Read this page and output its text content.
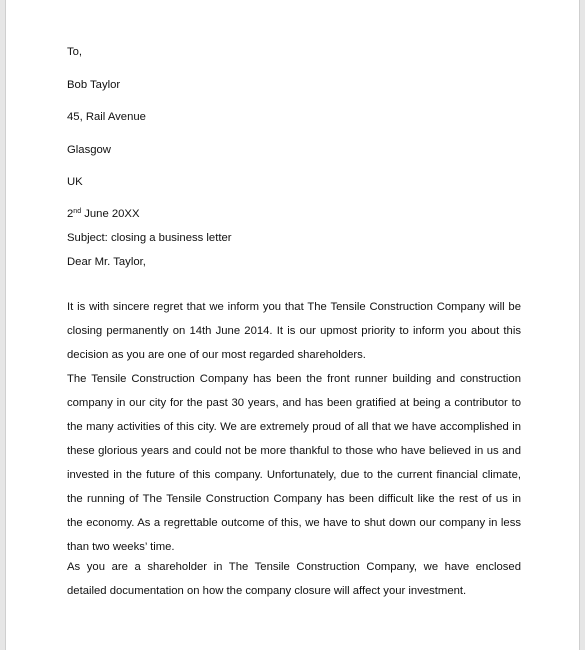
To,
Bob Taylor
45, Rail Avenue
Glasgow
UK
2nd June 20XX
Subject: closing a business letter
Dear Mr. Taylor,
It is with sincere regret that we inform you that The Tensile Construction Company will be closing permanently on 14th June 2014. It is our upmost priority to inform you about this decision as you are one of our most regarded shareholders.
The Tensile Construction Company has been the front runner building and construction company in our city for the past 30 years, and has been gratified at being a contributor to the many activities of this city. We are extremely proud of all that we have accomplished in these glorious years and could not be more thankful to those who have believed in us and invested in the future of this company. Unfortunately, due to the current financial climate, the running of The Tensile Construction Company has been difficult like the rest of us in the economy. As a regrettable outcome of this, we have to shut down our company in less than two weeks’ time.
As you are a shareholder in The Tensile Construction Company, we have enclosed detailed documentation on how the company closure will affect your investment.
